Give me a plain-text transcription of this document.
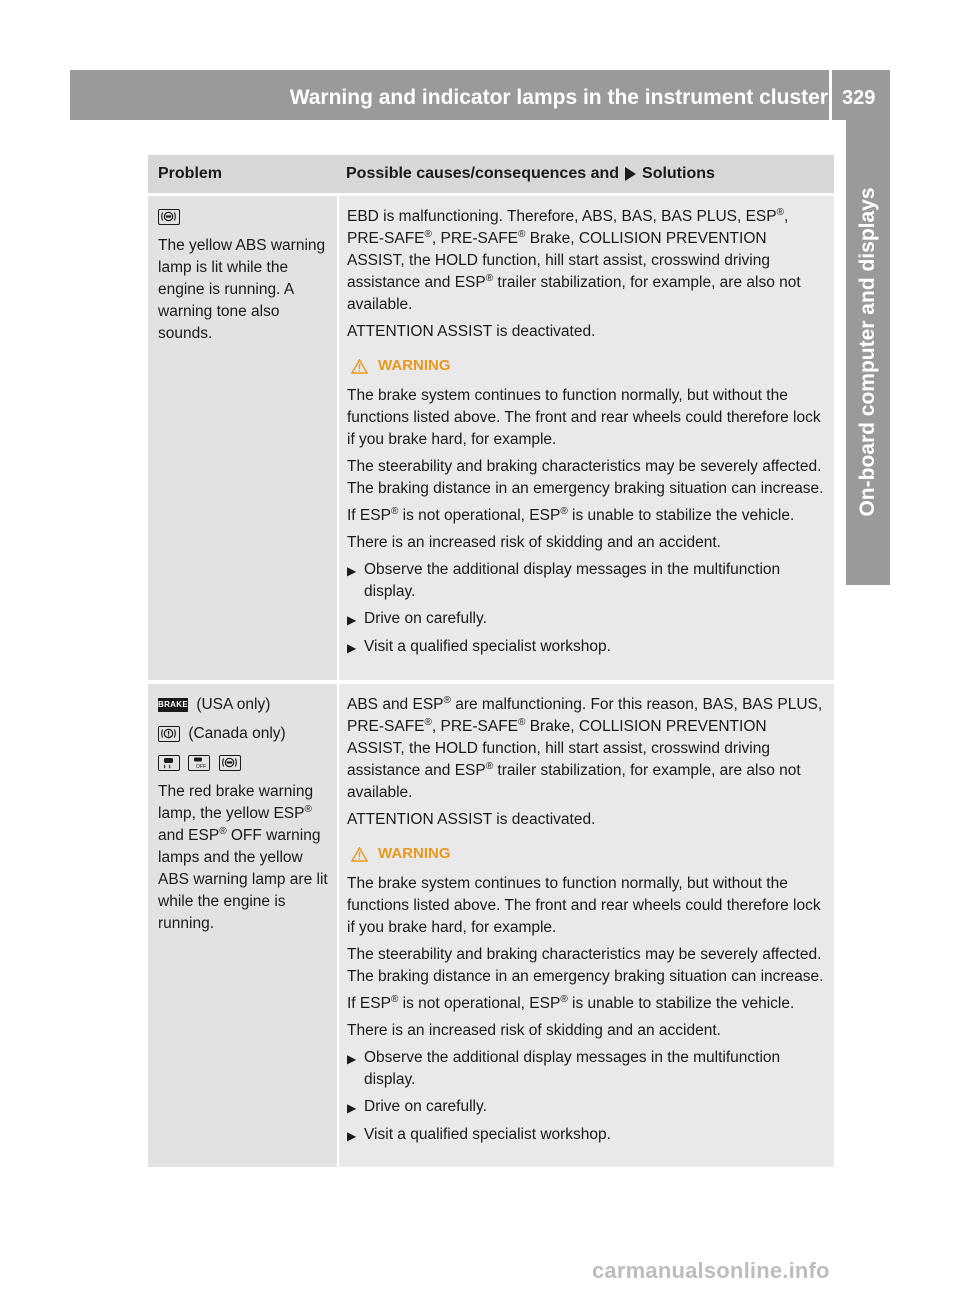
Warning and indicator lamps in the instrument cluster 329
On-board computer and displays
Problem	Possible causes/consequences and Solutions

The yellow ABS warning lamp is lit while the engine is running. A warning tone also sounds.

EBD is malfunctioning. Therefore, ABS, BAS, BAS PLUS, ESP®, PRE-SAFE®, PRE-SAFE® Brake, COLLISION PREVENTION ASSIST, the HOLD function, hill start assist, crosswind driving assistance and ESP® trailer stabilization, for example, are also not available.

ATTENTION ASSIST is deactivated.

WARNING

The brake system continues to function normally, but without the functions listed above. The front and rear wheels could therefore lock if you brake hard, for example.

The steerability and braking characteristics may be severely affected. The braking distance in an emergency braking situation can increase.

If ESP® is not operational, ESP® is unable to stabilize the vehicle.

There is an increased risk of skidding and an accident.

▶ Observe the additional display messages in the multifunction display.
▶ Drive on carefully.
▶ Visit a qualified specialist workshop.
BRAKE (USA only)
(Canada only)

OFF

The red brake warning lamp, the yellow ESP® and ESP® OFF warning lamps and the yellow ABS warning lamp are lit while the engine is running.

ABS and ESP® are malfunctioning. For this reason, BAS, BAS PLUS, PRE-SAFE®, PRE-SAFE® Brake, COLLISION PREVENTION ASSIST, the HOLD function, hill start assist, crosswind driving assistance and ESP® trailer stabilization, for example, are also not available.

ATTENTION ASSIST is deactivated.

WARNING

The brake system continues to function normally, but without the functions listed above. The front and rear wheels could therefore lock if you brake hard, for example.

The steerability and braking characteristics may be severely affected. The braking distance in an emergency braking situation can increase.

If ESP® is not operational, ESP® is unable to stabilize the vehicle.

There is an increased risk of skidding and an accident.

▶ Observe the additional display messages in the multifunction display.
▶ Drive on carefully.
▶ Visit a qualified specialist workshop.
carmanualsonline.info
